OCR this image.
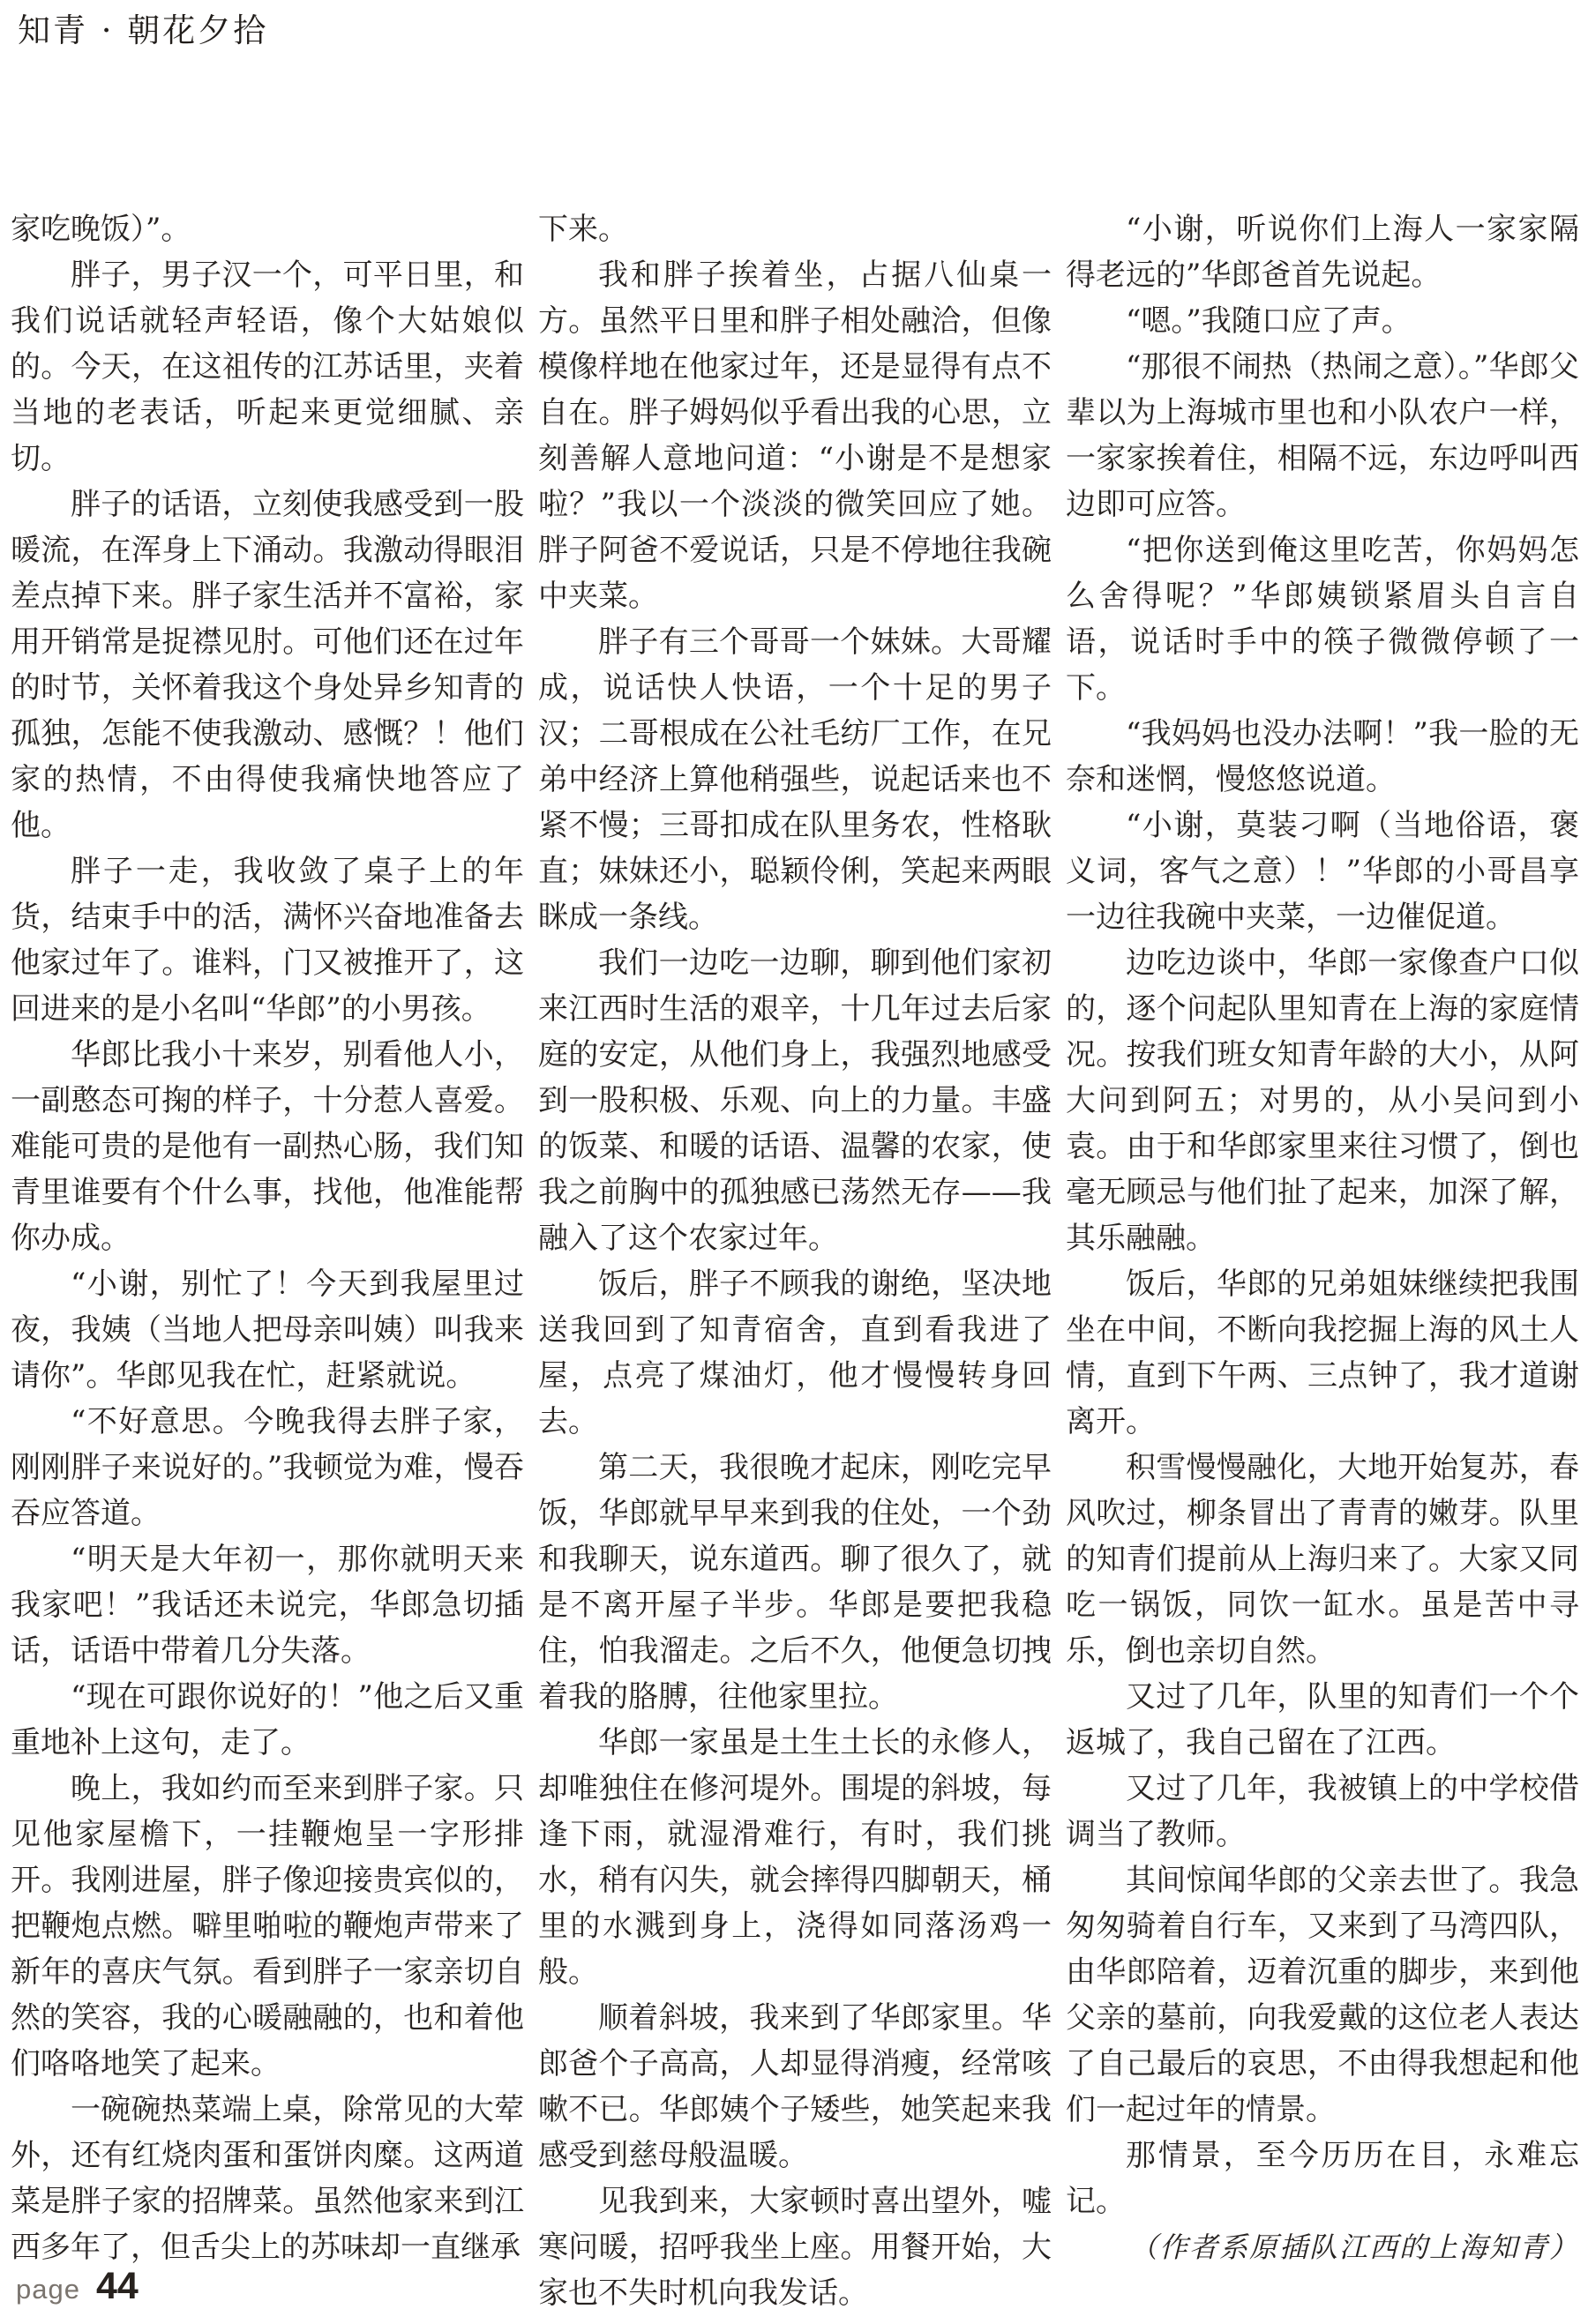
知青 · 朝花夕拾

家吃晚饭）”。

胖子，男子汉一个，可平日里，和我们说话就轻声轻语，像个大姑娘似的。今天，在这祖传的江苏话里，夹着当地的老表话，听起来更觉细腻、亲切。

胖子的话语，立刻使我感受到一股暖流，在浑身上下涌动。我激动得眼泪差点掉下来。胖子家生活并不富裕，家用开销常是捉襟见肘。可他们还在过年的时节，关怀着我这个身处异乡知青的孤独，怎能不使我激动、感慨？！他们家的热情，不由得使我痛快地答应了他。

胖子一走，我收敛了桌子上的年货，结束手中的活，满怀兴奋地准备去他家过年了。谁料，门又被推开了，这回进来的是小名叫“华郎”的小男孩。

华郎比我小十来岁，别看他人小，一副憨态可掬的样子，十分惹人喜爱。难能可贵的是他有一副热心肠，我们知青里谁要有个什么事，找他，他准能帮你办成。

“小谢，别忙了！今天到我屋里过夜，我姨（当地人把母亲叫姨）叫我来请你”。华郎见我在忙，赶紧就说。

“不好意思。今晚我得去胖子家，刚刚胖子来说好的。”我顿觉为难，慢吞吞应答道。

“明天是大年初一，那你就明天来我家吧！”我话还未说完，华郎急切插话，话语中带着几分失落。

“现在可跟你说好的！”他之后又重重地补上这句，走了。

晚上，我如约而至来到胖子家。只见他家屋檐下，一挂鞭炮呈一字形排开。我刚进屋，胖子像迎接贵宾似的，把鞭炮点燃。噼里啪啦的鞭炮声带来了新年的喜庆气氛。看到胖子一家亲切自然的笑容，我的心暖融融的，也和着他们咯咯地笑了起来。

一碗碗热菜端上桌，除常见的大荤外，还有红烧肉蛋和蛋饼肉糜。这两道菜是胖子家的招牌菜。虽然他家来到江西多年了，但舌尖上的苏味却一直继承

下来。

我和胖子挨着坐，占据八仙桌一方。虽然平日里和胖子相处融洽，但像模像样地在他家过年，还是显得有点不自在。胖子姆妈似乎看出我的心思，立刻善解人意地问道：“小谢是不是想家啦？”我以一个淡淡的微笑回应了她。胖子阿爸不爱说话，只是不停地往我碗中夹菜。

胖子有三个哥哥一个妹妹。大哥耀成，说话快人快语，一个十足的男子汉；二哥根成在公社毛纺厂工作，在兄弟中经济上算他稍强些，说起话来也不紧不慢；三哥扣成在队里务农，性格耿直；妹妹还小，聪颖伶俐，笑起来两眼眯成一条线。

我们一边吃一边聊，聊到他们家初来江西时生活的艰辛，十几年过去后家庭的安定，从他们身上，我强烈地感受到一股积极、乐观、向上的力量。丰盛的饭菜、和暖的话语、温馨的农家，使我之前胸中的孤独感已荡然无存——我融入了这个农家过年。

饭后，胖子不顾我的谢绝，坚决地送我回到了知青宿舍，直到看我进了屋，点亮了煤油灯，他才慢慢转身回去。

第二天，我很晚才起床，刚吃完早饭，华郎就早早来到我的住处，一个劲和我聊天，说东道西。聊了很久了，就是不离开屋子半步。华郎是要把我稳住，怕我溜走。之后不久，他便急切拽着我的胳膊，往他家里拉。

华郎一家虽是土生土长的永修人，却唯独住在修河堤外。围堤的斜坡，每逢下雨，就湿滑难行，有时，我们挑水，稍有闪失，就会摔得四脚朝天，桶里的水溅到身上，浇得如同落汤鸡一般。

顺着斜坡，我来到了华郎家里。华郎爸个子高高，人却显得消瘦，经常咳嗽不已。华郎姨个子矮些，她笑起来我感受到慈母般温暖。

见我到来，大家顿时喜出望外，嘘寒问暖，招呼我坐上座。用餐开始，大家也不失时机向我发话。

“小谢，听说你们上海人一家家隔得老远的”华郎爸首先说起。

“嗯。”我随口应了声。

“那很不闹热（热闹之意）。”华郎父辈以为上海城市里也和小队农户一样，一家家挨着住，相隔不远，东边呼叫西边即可应答。

“把你送到俺这里吃苦，你妈妈怎么舍得呢？”华郎姨锁紧眉头自言自语，说话时手中的筷子微微停顿了一下。

“我妈妈也没办法啊！”我一脸的无奈和迷惘，慢悠悠说道。

“小谢，莫装刁啊（当地俗语，褒义词，客气之意）！”华郎的小哥昌享一边往我碗中夹菜，一边催促道。

边吃边谈中，华郎一家像查户口似的，逐个问起队里知青在上海的家庭情况。按我们班女知青年龄的大小，从阿大问到阿五；对男的，从小吴问到小袁。由于和华郎家里来往习惯了，倒也毫无顾忌与他们扯了起来，加深了解，其乐融融。

饭后，华郎的兄弟姐妹继续把我围坐在中间，不断向我挖掘上海的风土人情，直到下午两、三点钟了，我才道谢离开。

积雪慢慢融化，大地开始复苏，春风吹过，柳条冒出了青青的嫩芽。队里的知青们提前从上海归来了。大家又同吃一锅饭，同饮一缸水。虽是苦中寻乐，倒也亲切自然。

又过了几年，队里的知青们一个个返城了，我自己留在了江西。

又过了几年，我被镇上的中学校借调当了教师。

其间惊闻华郎的父亲去世了。我急匆匆骑着自行车，又来到了马湾四队，由华郎陪着，迈着沉重的脚步，来到他父亲的墓前，向我爱戴的这位老人表达了自己最后的哀思，不由得我想起和他们一起过年的情景。

那情景，至今历历在目，永难忘记。

（作者系原插队江西的上海知青）

page 44
